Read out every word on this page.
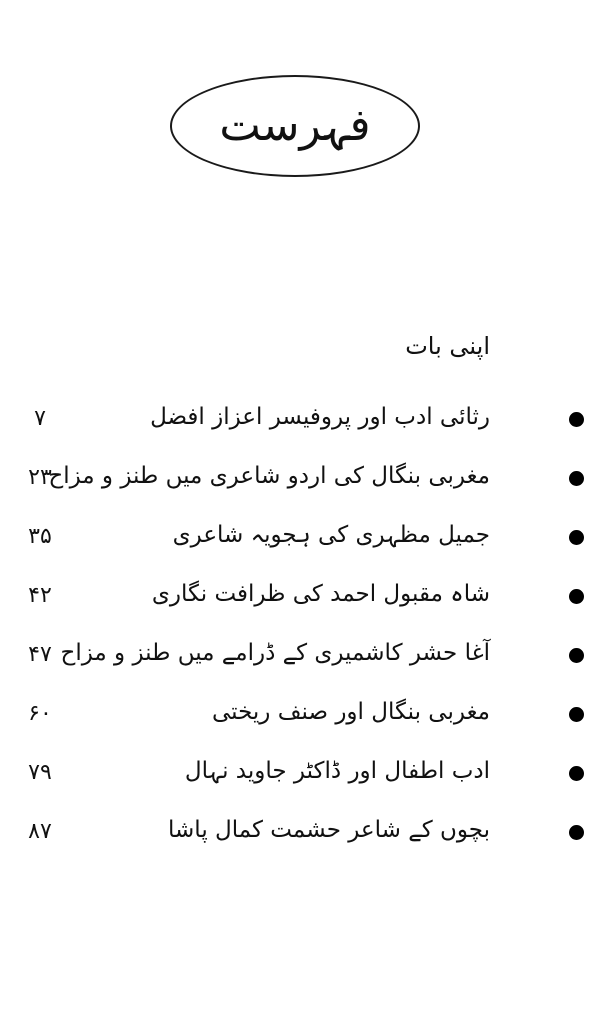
فہرست
اپنی بات
رثائی ادب اور پروفیسر اعزاز افضل
۷
مغربی بنگال کی اردو شاعری میں طنز و مزاح
۲۳
جمیل مظہری کی ہجویہ شاعری
۳۵
شاہ مقبول احمد کی ظرافت نگاری
۴۲
آغا حشر کاشمیری کے ڈرامے میں طنز و مزاح
۴۷
مغربی بنگال اور صنف ریختی
۶۰
ادب اطفال اور ڈاکٹر جاوید نہال
۷۹
بچوں کے شاعر حشمت کمال پاشا
۸۷
